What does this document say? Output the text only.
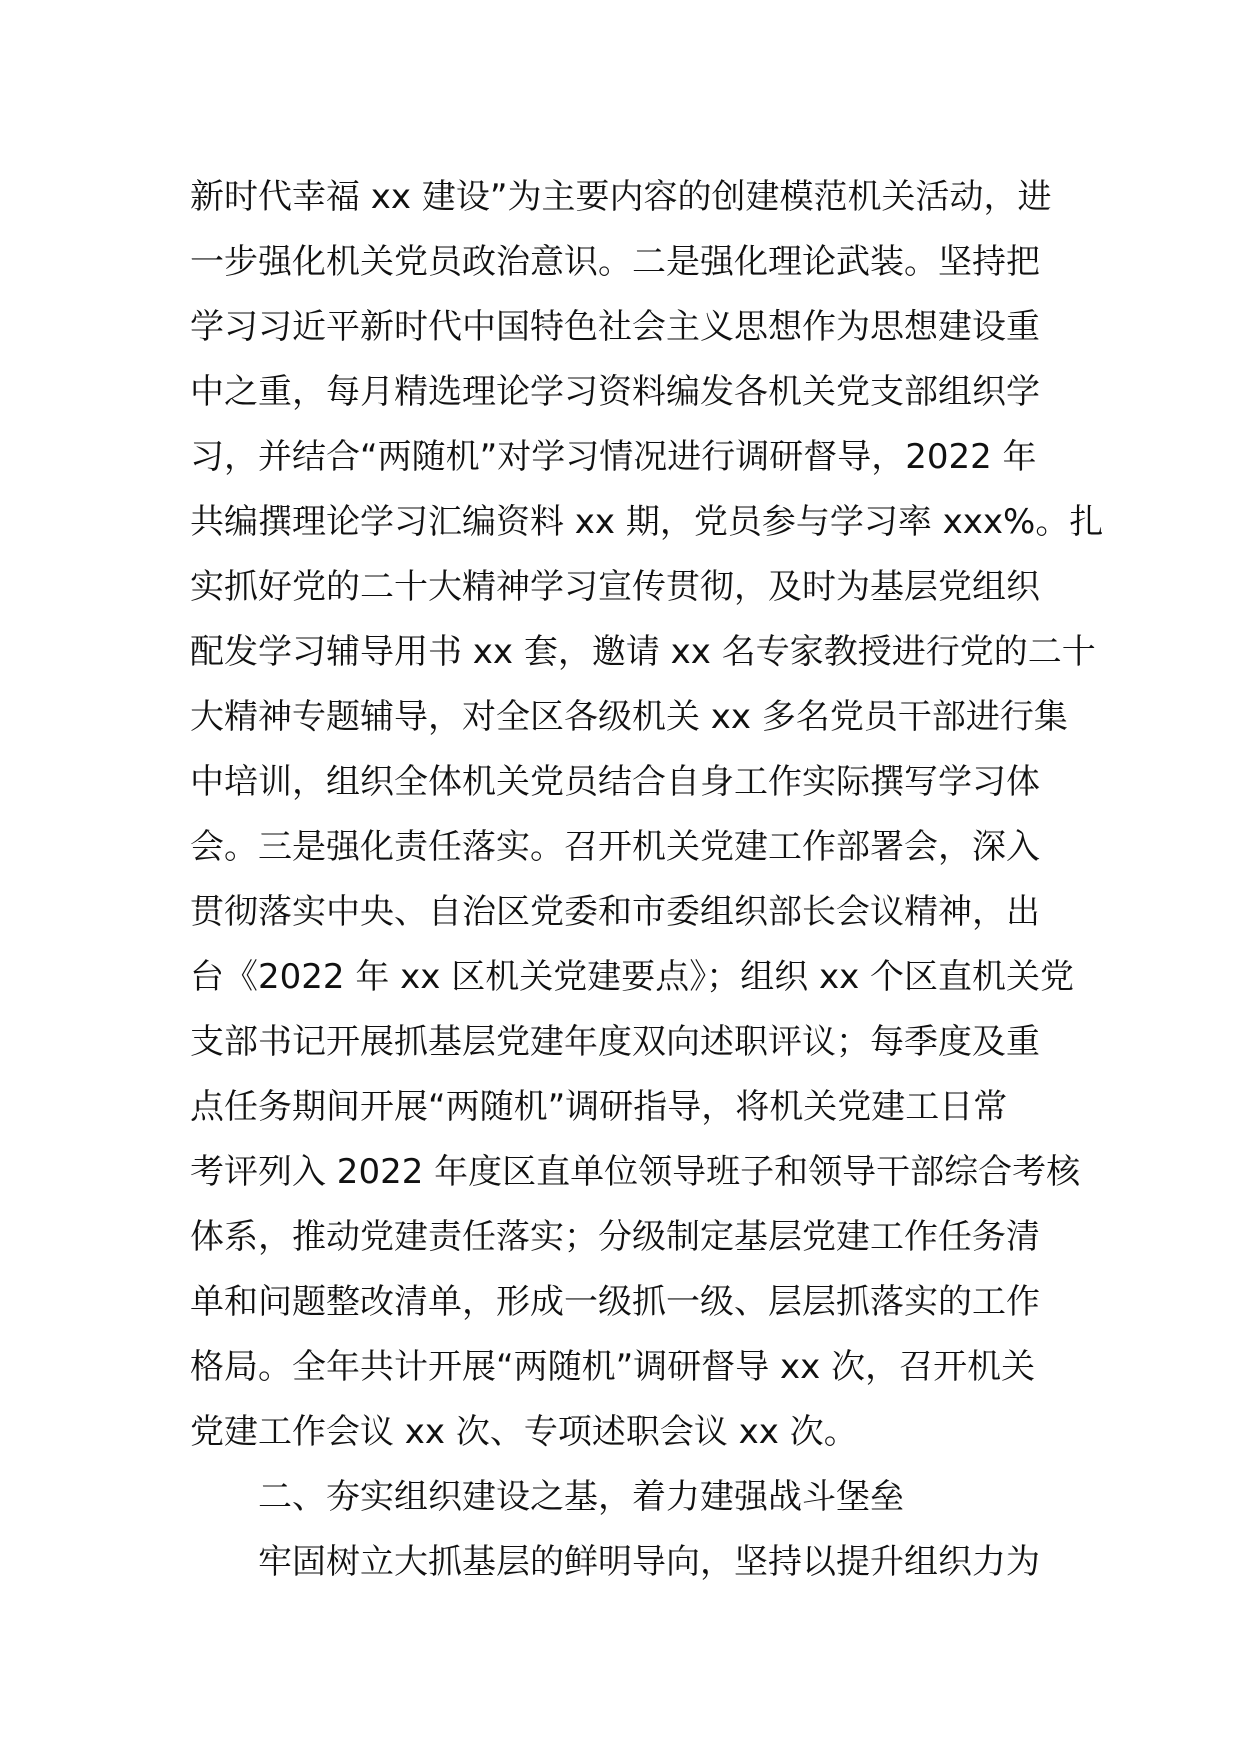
新时代幸福 xx 建设”为主要内容的创建模范机关活动，进
一步强化机关党员政治意识。二是强化理论武装。坚持把
学习习近平新时代中国特色社会主义思想作为思想建设重
中之重，每月精选理论学习资料编发各机关党支部组织学
习，并结合“两随机”对学习情况进行调研督导，2022 年
共编撰理论学习汇编资料 xx 期，党员参与学习率 xxx%。扎
实抓好党的二十大精神学习宣传贯彻，及时为基层党组织
配发学习辅导用书 xx 套，邀请 xx 名专家教授进行党的二十
大精神专题辅导，对全区各级机关 xx 多名党员干部进行集
中培训，组织全体机关党员结合自身工作实际撰写学习体
会。三是强化责任落实。召开机关党建工作部署会，深入
贯彻落实中央、自治区党委和市委组织部长会议精神，出
台《2022 年 xx 区机关党建要点》；组织 xx 个区直机关党
支部书记开展抓基层党建年度双向述职评议；每季度及重
点任务期间开展“两随机”调研指导，将机关党建工日常
考评列入 2022 年度区直单位领导班子和领导干部综合考核
体系，推动党建责任落实；分级制定基层党建工作任务清
单和问题整改清单，形成一级抓一级、层层抓落实的工作
格局。全年共计开展“两随机”调研督导 xx 次，召开机关
党建工作会议 xx 次、专项述职会议 xx 次。
二、夯实组织建设之基，着力建强战斗堡垒
牢固树立大抓基层的鲜明导向，坚持以提升组织力为
